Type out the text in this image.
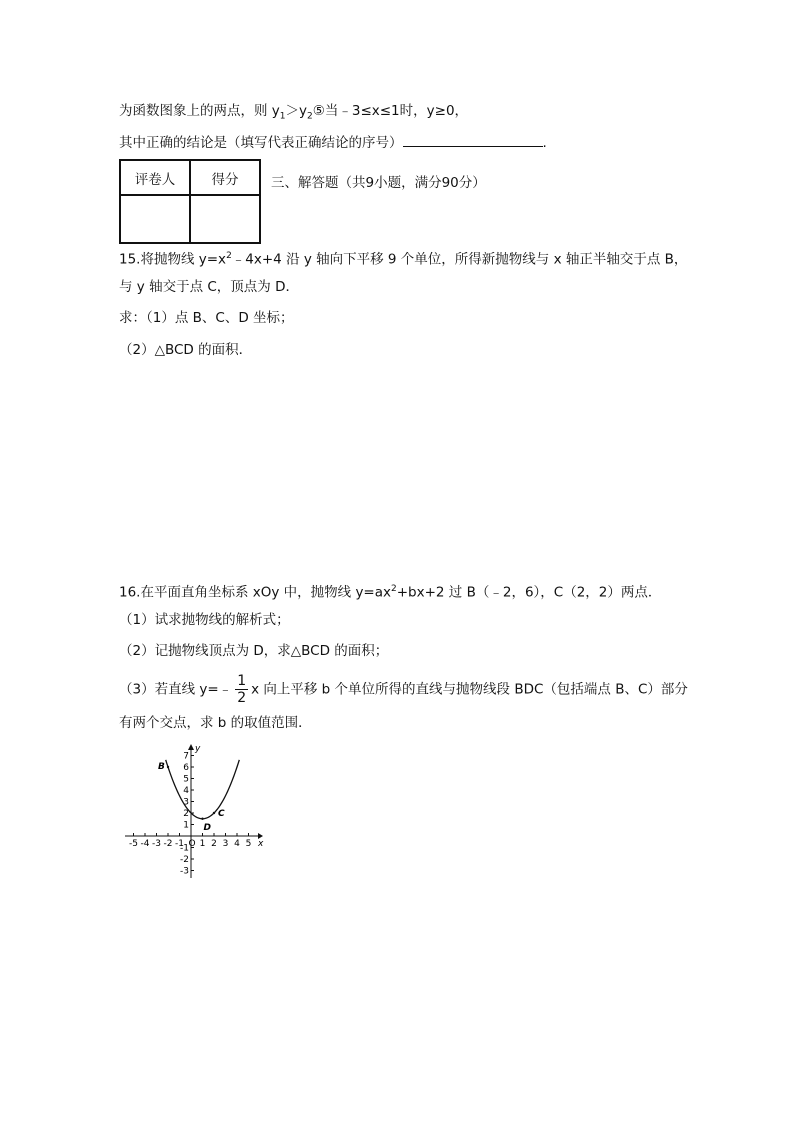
为函数图象上的两点，则 $y_1>y_2⑤$当﹣3≤x≤1时，y≥0，
其中正确的结论是（填写代表正确结论的序号）	.
评卷人	得分
	三、解答题（共9小题，满分90分）
15.将抛物线 $y=x^2﹣4x+4$ 沿 y 轴向下平移 9 个单位，所得新抛物线与 x 轴正半轴交于点 B，
与 y 轴交于点 C，顶点为 D．
求：（1）点 B、C、D 坐标；
（2）△BCD 的面积．
16.在平面直角坐标系 xOy 中，抛物线 $y=ax^2+bx+2$ 过 B（﹣2，6），C（2，2）两点．
（1）试求抛物线的解析式；
（2）记抛物线顶点为 D，求△BCD 的面积；
（3）若直线 y=﹣ $\frac{1}{2}$ x 向上平移 b 个单位所得的直线与抛物线段 BDC（包括端点 B、C）部分
有两个交点，求 b 的取值范围．
x
y
-5 -4 -3 -2 -1 O 1 2 3 4 5
7
6
5
4
3
2
1
-1
-2
-3
B
D
C
